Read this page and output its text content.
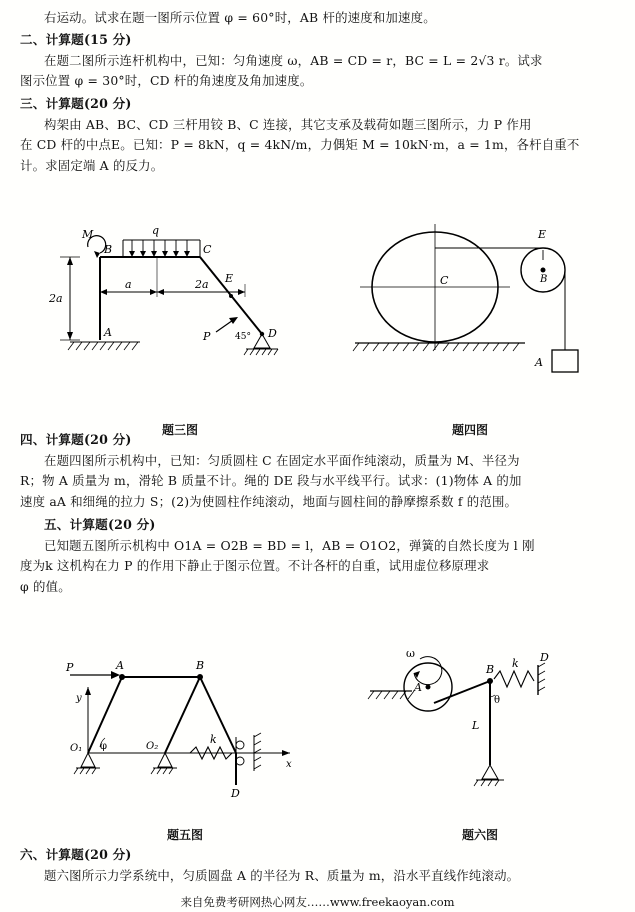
右运动。试求在题一图所示位置 φ = 60°时，AB 杆的速度和加速度。
二、计算题(15 分)
在题二图所示连杆机构中，已知：匀角速度 ω，AB = CD = r，BC = L = 2√3 r。试求
图示位置 φ = 30°时，CD 杆的角速度及角加速度。
三、计算题(20 分)
构架由 AB、BC、CD 三杆用铰 B、C 连接，其它支承及载荷如题三图所示，力 P 作用
在 CD 杆的中点E。已知：P = 8kN，q = 4kN/m，力偶矩 M = 10kN·m，a = 1m，各杆自重不
计。求固定端 A 的反力。
2a
M
B	C
q
a	2a E
P	45°
A	D
题三图
C	B
E
A
题四图
四、计算题(20 分)
在题四图所示机构中，已知：匀质圆柱 C 在固定水平面作纯滚动，质量为 M、半径为
R；物 A 质量为 m，滑轮 B 质量不计。绳的 DE 段与水平线平行。试求：(1)物体 A 的加
速度 aA 和细绳的拉力 S；(2)为使圆柱作纯滚动，地面与圆柱间的静摩擦系数 f 的范围。
五、计算题(20 分)
已知题五图所示机构中 O1A = O2B = BD = l，AB = O1O2，弹簧的自然长度为 l 刚
度为k 这机构在力 P 的作用下静止于图示位置。不计各杆的自重，试用虚位移原理求
φ 的值。
P
y
x
A	B
O₁ φ	O₂
k
D
题五图
A
ω
B k D
L
θ
题六图
六、计算题(20 分)
题六图所示力学系统中，匀质圆盘 A 的半径为 R、质量为 m，沿水平直线作纯滚动。
来自免费考研网热心网友……www.freekaoyan.com
